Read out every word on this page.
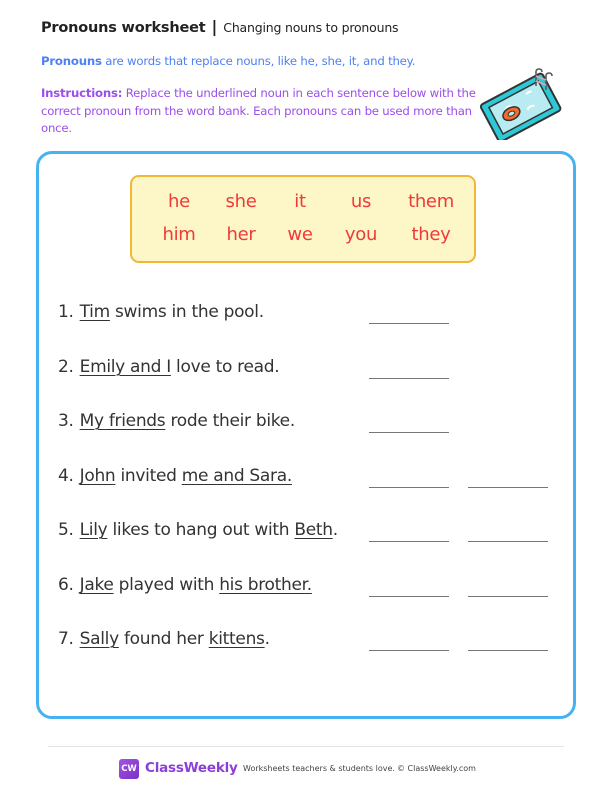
Pronouns worksheet | Changing nouns to pronouns
Pronouns are words that replace nouns, like he, she, it, and they.
Instructions: Replace the underlined noun in each sentence below with the correct pronoun from the word bank. Each pronouns can be used more than once.
he she it	us them
him her we you they
1. Tim swims in the pool.
2. Emily and I love to read.
3. My friends rode their bike.
4. John invited me and Sara.
5. Lily likes to hang out with Beth.
6. Jake played with his brother.
7. Sally found her kittens.
CW ClassWeekly Worksheets teachers & students love. © ClassWeekly.com
